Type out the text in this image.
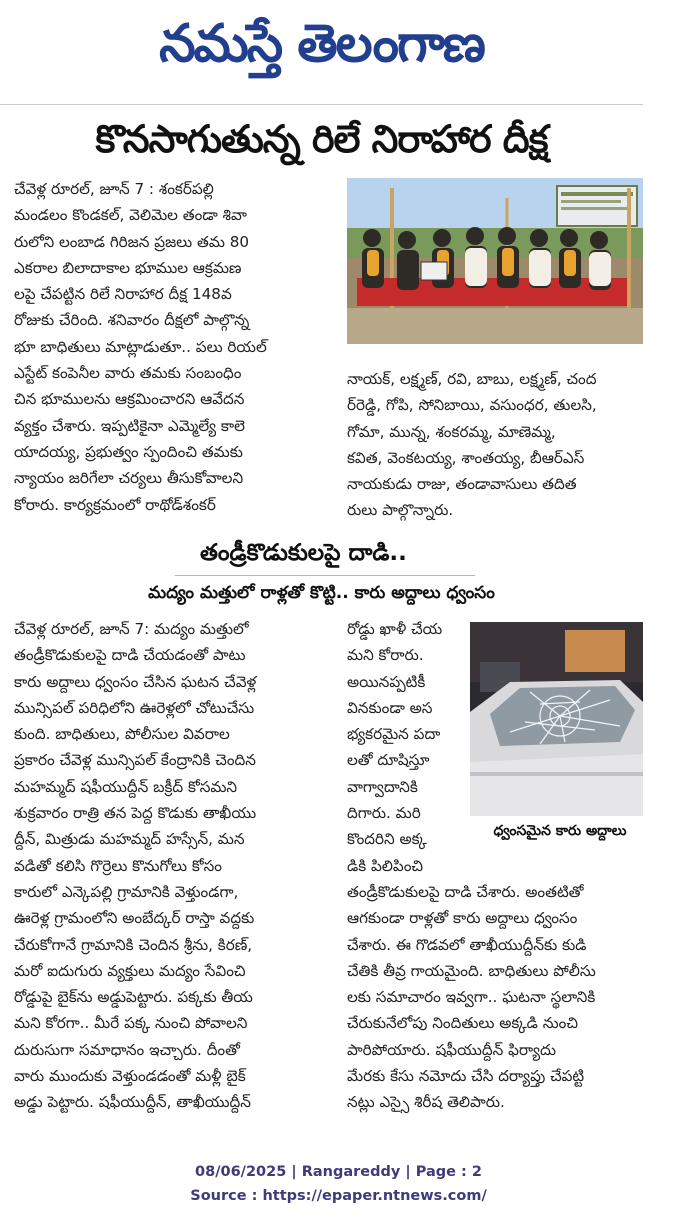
నమస్తే తెలంగాణ
కొనసాగుతున్న రిలే నిరాహార దీక్ష
చేవెళ్ల రూరల్, జూన్ 7 : శంకర్‌పల్లి
మండలం కొండకల్, వెలిమెల తండా శివా
రులోని లంబాడ గిరిజన ప్రజలు తమ 80
ఎకరాల బిలాదాకాల భూముల ఆక్రమణ
లపై చేపట్టిన రిలే నిరాహార దీక్ష 148వ
రోజుకు చేరింది. శనివారం దీక్షలో పాల్గొన్న
భూ బాధితులు మాట్లాడుతూ.. పలు రియల్
ఎస్టేట్ కంపెనీల వారు తమకు సంబంధిం
చిన భూములను ఆక్రమించారని ఆవేదన
వ్యక్తం చేశారు. ఇప్పటికైనా ఎమ్మెల్యే కాలె
యాదయ్య, ప్రభుత్వం స్పందించి తమకు
న్యాయం జరిగేలా చర్యలు తీసుకోవాలని
కోరారు. కార్యక్రమంలో రాథోడ్‌శంకర్
నాయక్, లక్ష్మణ్, రవి, బాబు, లక్ష్మణ్, చంద
ర్‌రెడ్డి, గోపి, సోనిబాయి, వసుంధర, తులసి,
గోమా, మున్న, శంకరమ్మ, మాణెమ్మ,
కవిత, వెంకటయ్య, శాంతయ్య, బీఆర్‌ఎస్
నాయకుడు రాజు, తండావాసులు తదిత
రులు పాల్గొన్నారు.
తండ్రీకొడుకులపై దాడి..
మద్యం మత్తులో రాళ్లతో కొట్టి.. కారు అద్దాలు ధ్వంసం
చేవెళ్ల రూరల్, జూన్ 7: మద్యం మత్తులో
తండ్రీకొడుకులపై దాడి చేయడంతో పాటు
కారు అద్దాలు ధ్వంసం చేసిన ఘటన చేవెళ్ల
మున్సిపల్ పరిధిలోని ఊరెళ్లలో చోటుచేసు
కుంది. బాధితులు, పోలీసుల వివరాల
ప్రకారం చేవెళ్ల మున్సిపల్ కేంద్రానికి చెందిన
మహమ్మద్ షఫీయుద్దీన్ బక్రీద్ కోసమని
శుక్రవారం రాత్రి తన పెద్ద కొడుకు తాఖీయు
ద్దీన్, మిత్రుడు మహమ్మద్ హస్సేన్, మన
వడితో కలిసి గొర్రెలు కొనుగోలు కోసం
కారులో ఎన్కెపల్లి గ్రామానికి వెళ్తుండగా,
ఊరెళ్ల గ్రామంలోని అంబేద్కర్ రాస్తా వద్దకు
చేరుకోగానే గ్రామానికి చెందిన శ్రీను, కిరణ్,
మరో ఐదుగురు వ్యక్తులు మద్యం సేవించి
రోడ్డుపై బైక్‌ను అడ్డుపెట్టారు. పక్కకు తీయ
మని కోరగా.. మీరే పక్క నుంచి పోవాలని
దురుసుగా సమాధానం ఇచ్చారు. దీంతో
వారు ముందుకు వెళ్తుండడంతో మళ్లీ బైక్
అడ్డు పెట్టారు. షఫీయుద్దీన్, తాఖీయుద్దీన్
రోడ్డు ఖాళీ చేయ
మని కోరారు.
అయినప్పటికీ
వినకుండా అస
భ్యకరమైన పదా
లతో దూషిస్తూ
వాగ్వాదానికి
దిగారు. మరి
కొందరిని అక్క
డికి పిలిపించి
ధ్వంసమైన కారు అద్దాలు
తండ్రీకొడుకులపై దాడి చేశారు. అంతటితో
ఆగకుండా రాళ్లతో కారు అద్దాలు ధ్వంసం
చేశారు. ఈ గొడవలో తాఖీయుద్దీన్‌కు కుడి
చేతికి తీవ్ర గాయమైంది. బాధితులు పోలీసు
లకు సమాచారం ఇవ్వగా.. ఘటనా స్థలానికి
చేరుకునేలోపు నిందితులు అక్కడి నుంచి
పారిపోయారు. షఫీయుద్దీన్ ఫిర్యాదు
మేరకు కేసు నమోదు చేసి దర్యాప్తు చేపట్టి
నట్లు ఎస్సై శిరీష తెలిపారు.
08/06/2025 | Rangareddy | Page : 2
Source : https://epaper.ntnews.com/
